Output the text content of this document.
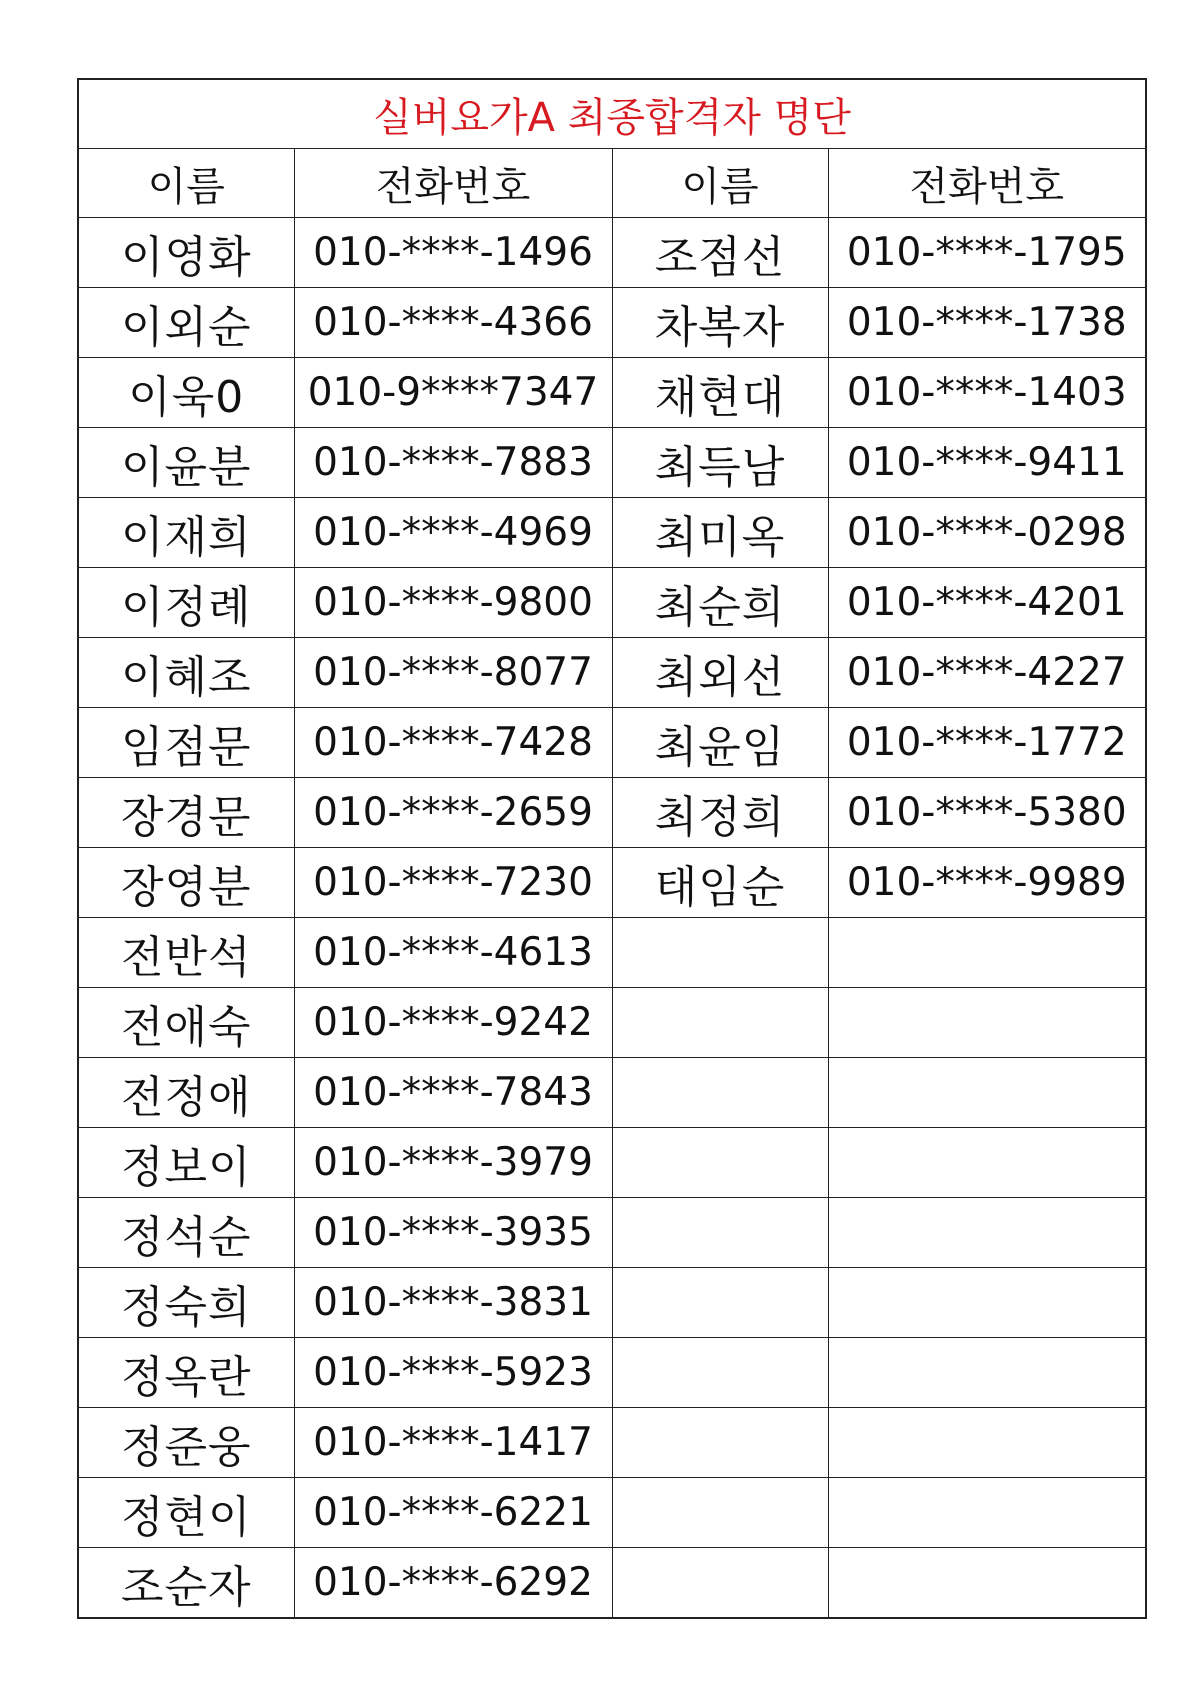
실버요가A 최종합격자 명단			
이름	전화번호	이름	전화번호
이영화	010-****-1496	조점선	010-****-1795
이외순	010-****-4366	차복자	010-****-1738
이욱0	010-9****7347	채현대	010-****-1403
이윤분	010-****-7883	최득남	010-****-9411
이재희	010-****-4969	최미옥	010-****-0298
이정례	010-****-9800	최순희	010-****-4201
이혜조	010-****-8077	최외선	010-****-4227
임점문	010-****-7428	최윤임	010-****-1772
장경문	010-****-2659	최정희	010-****-5380
장영분	010-****-7230	태임순	010-****-9989
전반석	010-****-4613		
전애숙	010-****-9242		
전정애	010-****-7843		
정보이	010-****-3979		
정석순	010-****-3935		
정숙희	010-****-3831		
정옥란	010-****-5923		
정준웅	010-****-1417		
정현이	010-****-6221		
조순자	010-****-6292		
